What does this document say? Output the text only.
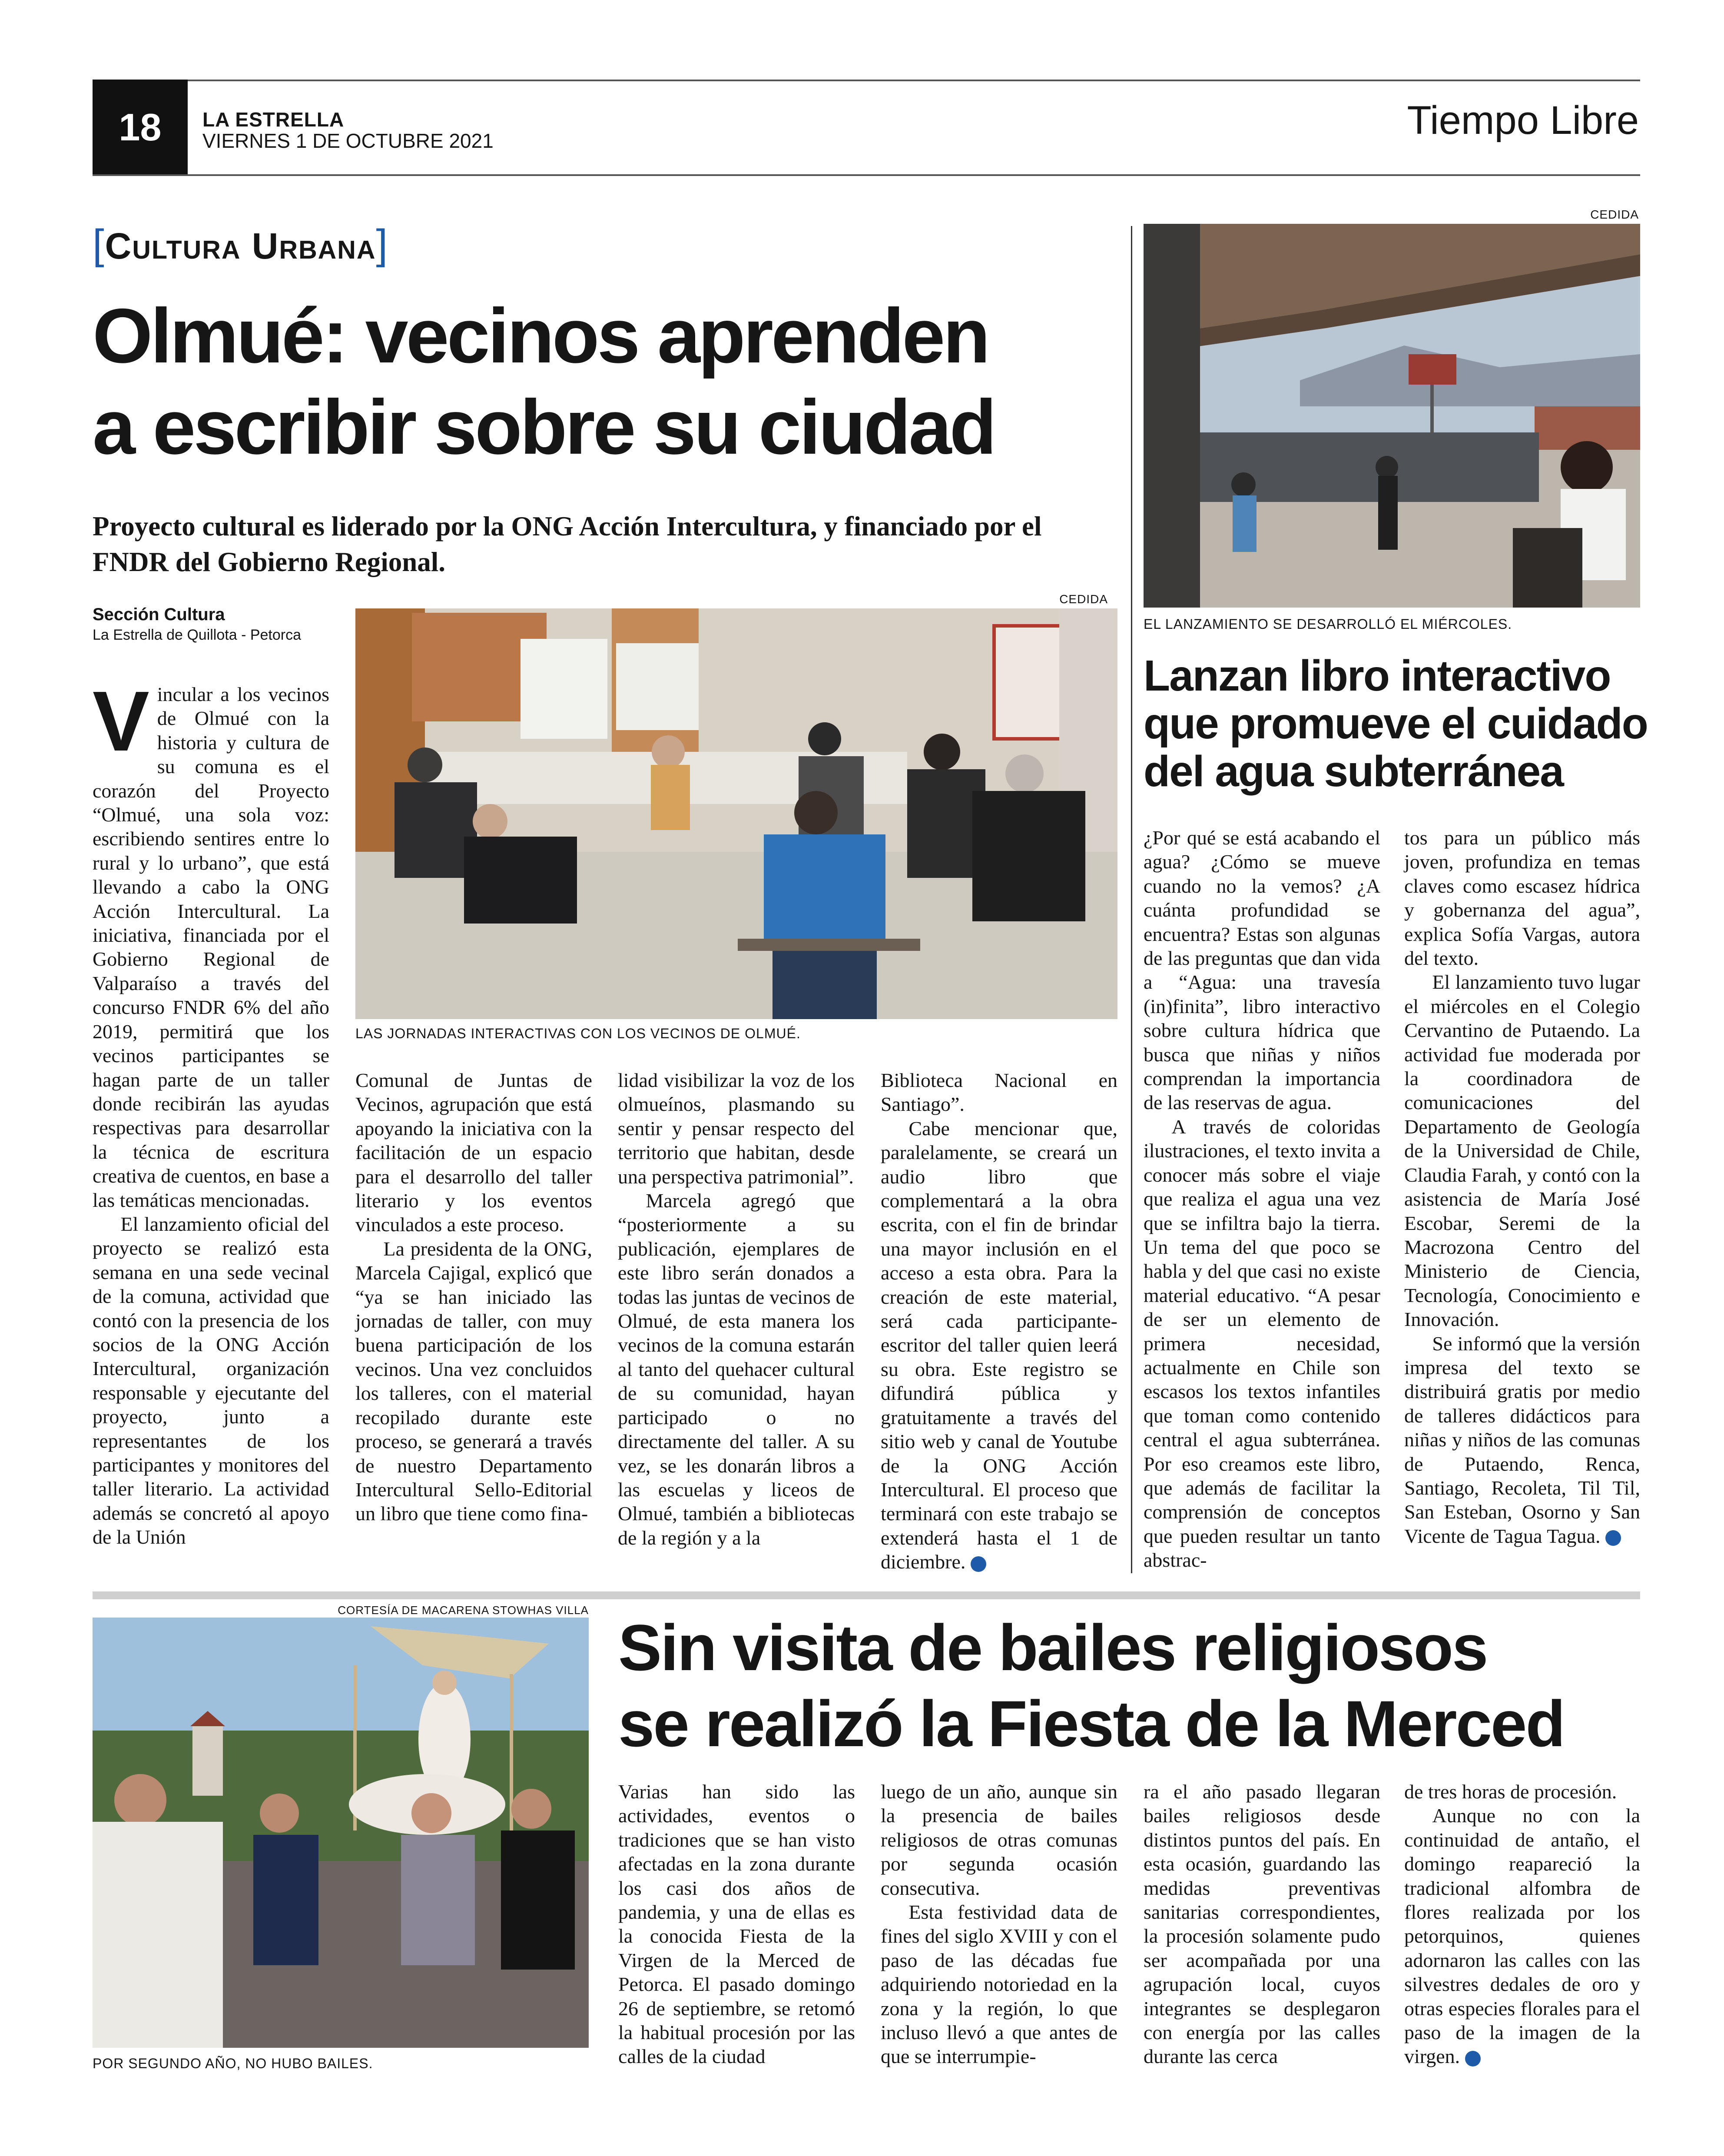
18	LA ESTRELLA
VIERNES 1 DE OCTUBRE 2021	Tiempo Libre
[Cultura Urbana]
Olmué: vecinos aprenden
a escribir sobre su ciudad
Proyecto cultural es liderado por la ONG Acción Intercultura, y financiado por el FNDR del Gobierno Regional.
Sección Cultura
La Estrella de Quillota - Petorca
CEDIDA
LAS JORNADAS INTERACTIVAS CON LOS VECINOS DE OLMUÉ.

Vincular a los vecinos de Olmué con la historia y cultura de su comuna es el corazón del Proyecto “Olmué, una sola voz: escribiendo sentires entre lo rural y lo urbano”, que está llevando a cabo la ONG Acción Intercultural. La iniciativa, financiada por el Gobierno Regional de Valparaíso a través del concurso FNDR 6% del año 2019, permitirá que los vecinos participantes se hagan parte de un taller donde recibirán las ayudas respectivas para desarrollar la técnica de escritura creativa de cuentos, en base a las temáticas mencionadas.

El lanzamiento oficial del proyecto se realizó esta semana en una sede vecinal de la comuna, actividad que contó con la presencia de los socios de la ONG Acción Intercultural, organización responsable y ejecutante del proyecto, junto a representantes de los participantes y monitores del taller literario. La actividad además se concretó al apoyo de la Unión

Comunal de Juntas de Vecinos, agrupación que está apoyando la iniciativa con la facilitación de un espacio para el desarrollo del taller literario y los eventos vinculados a este proceso.

La presidenta de la ONG, Marcela Cajigal, explicó que “ya se han iniciado las jornadas de taller, con muy buena participación de los vecinos. Una vez concluidos los talleres, con el material recopilado durante este proceso, se generará a través de nuestro Departamento Intercultural Sello-Editorial un libro que tiene como fina-

lidad visibilizar la voz de los olmueínos, plasmando su sentir y pensar respecto del territorio que habitan, desde una perspectiva patrimonial”.

Marcela agregó que “posteriormente a su publicación, ejemplares de este libro serán donados a todas las juntas de vecinos de Olmué, de esta manera los vecinos de la comuna estarán al tanto del quehacer cultural de su comunidad, hayan participado o no directamente del taller. A su vez, se les donarán libros a las escuelas y liceos de Olmué, también a bibliotecas de la región y a la

Biblioteca Nacional en Santiago”.

Cabe mencionar que, paralelamente, se creará un audio libro que complementará a la obra escrita, con el fin de brindar una mayor inclusión en el acceso a esta obra. Para la creación de este material, será cada participante-escritor del taller quien leerá su obra. Este registro se difundirá pública y gratuitamente a través del sitio web y canal de Youtube de la ONG Acción Intercultural. El proceso que terminará con este trabajo se extenderá hasta el 1 de diciembre.	✪

CEDIDA
EL LANZAMIENTO SE DESARROLLÓ EL MIÉRCOLES.
Lanzan libro interactivo que promueve el cuidado del agua subterránea

¿Por qué se está acabando el agua? ¿Cómo se mueve cuando no la vemos? ¿A cuánta profundidad se encuentra? Estas son algunas de las preguntas que dan vida a “Agua: una travesía (in)finita”, libro interactivo sobre cultura hídrica que busca que niñas y niños comprendan la importancia de las reservas de agua.

A través de coloridas ilustraciones, el texto invita a conocer más sobre el viaje que realiza el agua una vez que se infiltra bajo la tierra. Un tema del que poco se habla y del que casi no existe material educativo. “A pesar de ser un elemento de primera necesidad, actualmente en Chile son escasos los textos infantiles que toman como contenido central el agua subterránea. Por eso creamos este libro, que además de facilitar la comprensión de conceptos que pueden resultar un tanto abstrac-

tos para un público más joven, profundiza en temas claves como escasez hídrica y gobernanza del agua”, explica Sofía Vargas, autora del texto.

El lanzamiento tuvo lugar el miércoles en el Colegio Cervantino de Putaendo. La actividad fue moderada por la coordinadora de comunicaciones del Departamento de Geología de la Universidad de Chile, Claudia Farah, y contó con la asistencia de María José Escobar, Seremi de la Macrozona Centro del Ministerio de Ciencia, Tecnología, Conocimiento e Innovación.

Se informó que la versión impresa del texto se distribuirá gratis por medio de talleres didácticos para niñas y niños de las comunas de Putaendo, Renca, Santiago, Recoleta, Til Til, San Esteban, Osorno y San Vicente de Tagua Tagua.	✪

CORTESÍA DE MACARENA STOWHAS VILLA
POR SEGUNDO AÑO, NO HUBO BAILES.
Sin visita de bailes religiosos
se realizó la Fiesta de la Merced

Varias han sido las actividades, eventos o tradiciones que se han visto afectadas en la zona durante los casi dos años de pandemia, y una de ellas es la conocida Fiesta de la Virgen de la Merced de Petorca. El pasado domingo 26 de septiembre, se retomó la habitual procesión por las calles de la ciudad

luego de un año, aunque sin la presencia de bailes religiosos de otras comunas por segunda ocasión consecutiva.

Esta festividad data de fines del siglo XVIII y con el paso de las décadas fue adquiriendo notoriedad en la zona y la región, lo que incluso llevó a que antes de que se interrumpie-

ra el año pasado llegaran bailes religiosos desde distintos puntos del país. En esta ocasión, guardando las medidas preventivas sanitarias correspondientes, la procesión solamente pudo ser acompañada por una agrupación local, cuyos integrantes se desplegaron con energía por las calles durante las cerca

de tres horas de procesión.

Aunque no con la continuidad de antaño, el domingo reapareció la tradicional alfombra de flores realizada por los petorquinos, quienes adornaron las calles con las silvestres dedales de oro y otras especies florales para el paso de la imagen de la virgen.	✪
